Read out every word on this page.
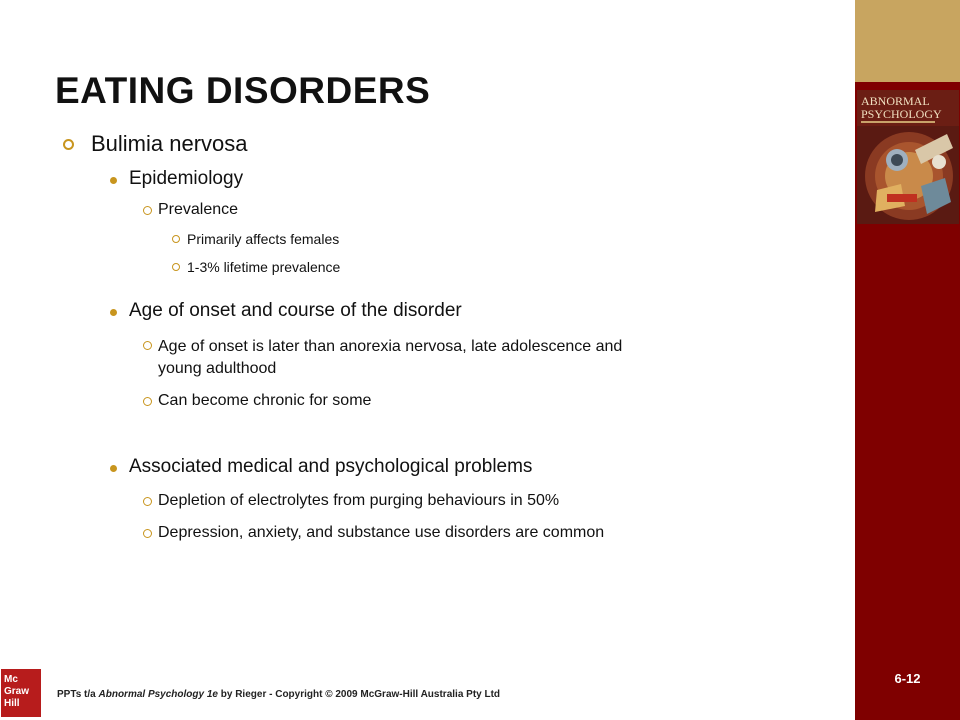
ABNORMAL
PSYCHOLOGY
6-12
EATING DISORDERS
Bulimia nervosa
Epidemiology
Prevalence
Primarily affects females
1-3% lifetime prevalence
Age of onset and course of the disorder
Age of onset is later than anorexia nervosa, late adolescence and
young adulthood
Can become chronic for some
Associated medical and psychological problems
Depletion of electrolytes from purging behaviours in 50%
Depression, anxiety, and substance use disorders are common
Mc
Graw
Hill
PPTs t/a Abnormal Psychology 1e by Rieger - Copyright © 2009 McGraw-Hill Australia Pty Ltd
